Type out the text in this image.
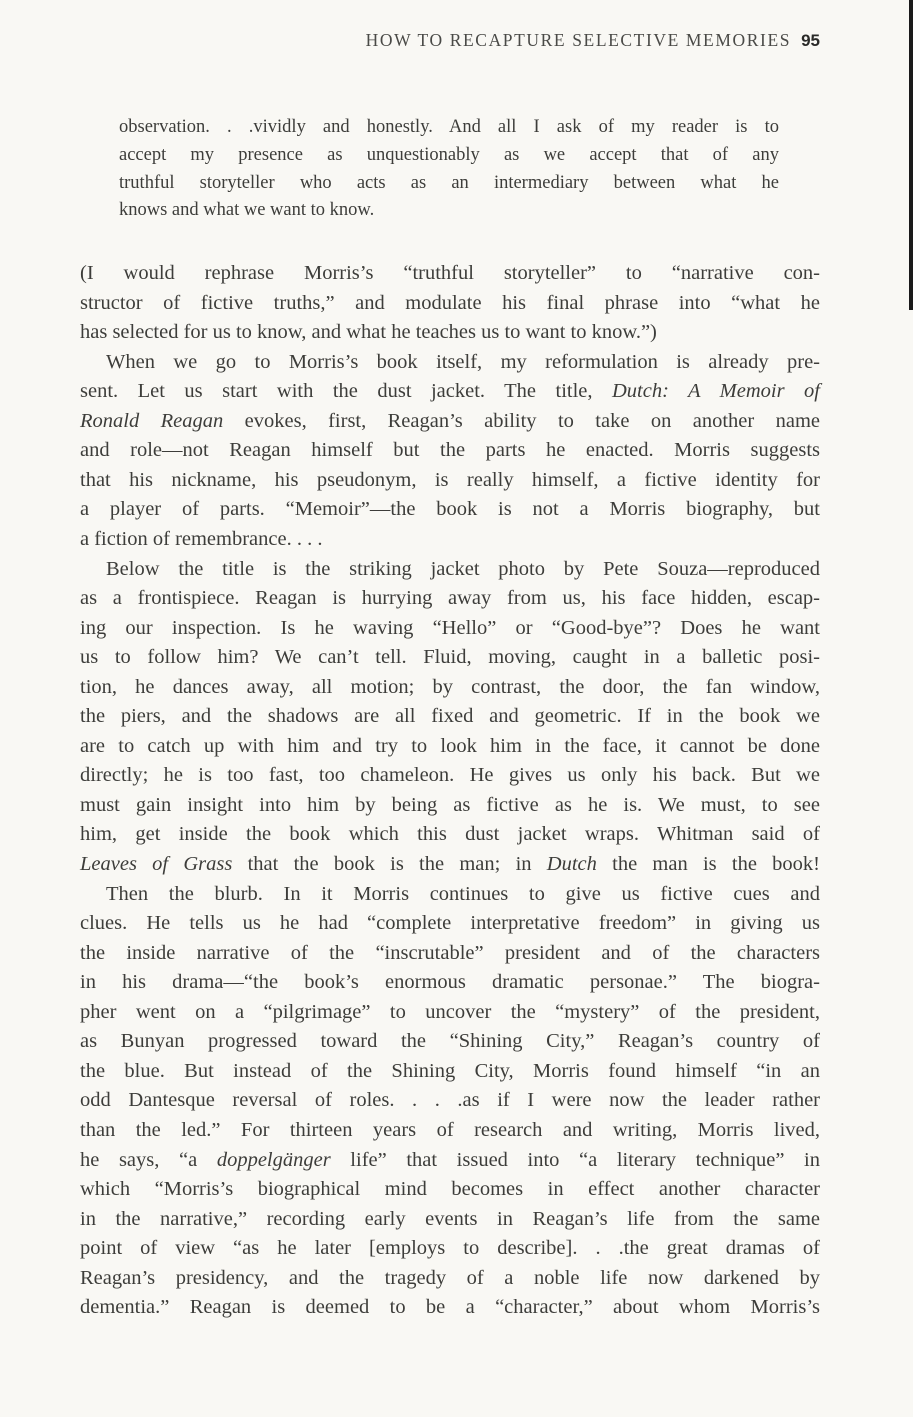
HOW TO RECAPTURE SELECTIVE MEMORIES 95
observation. . .vividly and honestly. And all I ask of my reader is to
accept my presence as unquestionably as we accept that of any
truthful storyteller who acts as an intermediary between what he
knows and what we want to know.
(I would rephrase Morris’s “truthful storyteller” to “narrative con-
structor of fictive truths,” and modulate his final phrase into “what he
has selected for us to know, and what he teaches us to want to know.”)
When we go to Morris’s book itself, my reformulation is already pre-
sent. Let us start with the dust jacket. The title, Dutch: A Memoir of
Ronald Reagan evokes, first, Reagan’s ability to take on another name
and role—not Reagan himself but the parts he enacted. Morris suggests
that his nickname, his pseudonym, is really himself, a fictive identity for
a player of parts. “Memoir”—the book is not a Morris biography, but
a fiction of remembrance. . . .
Below the title is the striking jacket photo by Pete Souza—reproduced
as a frontispiece. Reagan is hurrying away from us, his face hidden, escap-
ing our inspection. Is he waving “Hello” or “Good-bye”? Does he want
us to follow him? We can’t tell. Fluid, moving, caught in a balletic posi-
tion, he dances away, all motion; by contrast, the door, the fan window,
the piers, and the shadows are all fixed and geometric. If in the book we
are to catch up with him and try to look him in the face, it cannot be done
directly; he is too fast, too chameleon. He gives us only his back. But we
must gain insight into him by being as fictive as he is. We must, to see
him, get inside the book which this dust jacket wraps. Whitman said of
Leaves of Grass that the book is the man; in Dutch the man is the book!
Then the blurb. In it Morris continues to give us fictive cues and
clues. He tells us he had “complete interpretative freedom” in giving us
the inside narrative of the “inscrutable” president and of the characters
in his drama—“the book’s enormous dramatic personae.” The biogra-
pher went on a “pilgrimage” to uncover the “mystery” of the president,
as Bunyan progressed toward the “Shining City,” Reagan’s country of
the blue. But instead of the Shining City, Morris found himself “in an
odd Dantesque reversal of roles. . . .as if I were now the leader rather
than the led.” For thirteen years of research and writing, Morris lived,
he says, “a doppelgänger life” that issued into “a literary technique” in
which “Morris’s biographical mind becomes in effect another character
in the narrative,” recording early events in Reagan’s life from the same
point of view “as he later [employs to describe]. . .the great dramas of
Reagan’s presidency, and the tragedy of a noble life now darkened by
dementia.” Reagan is deemed to be a “character,” about whom Morris’s
